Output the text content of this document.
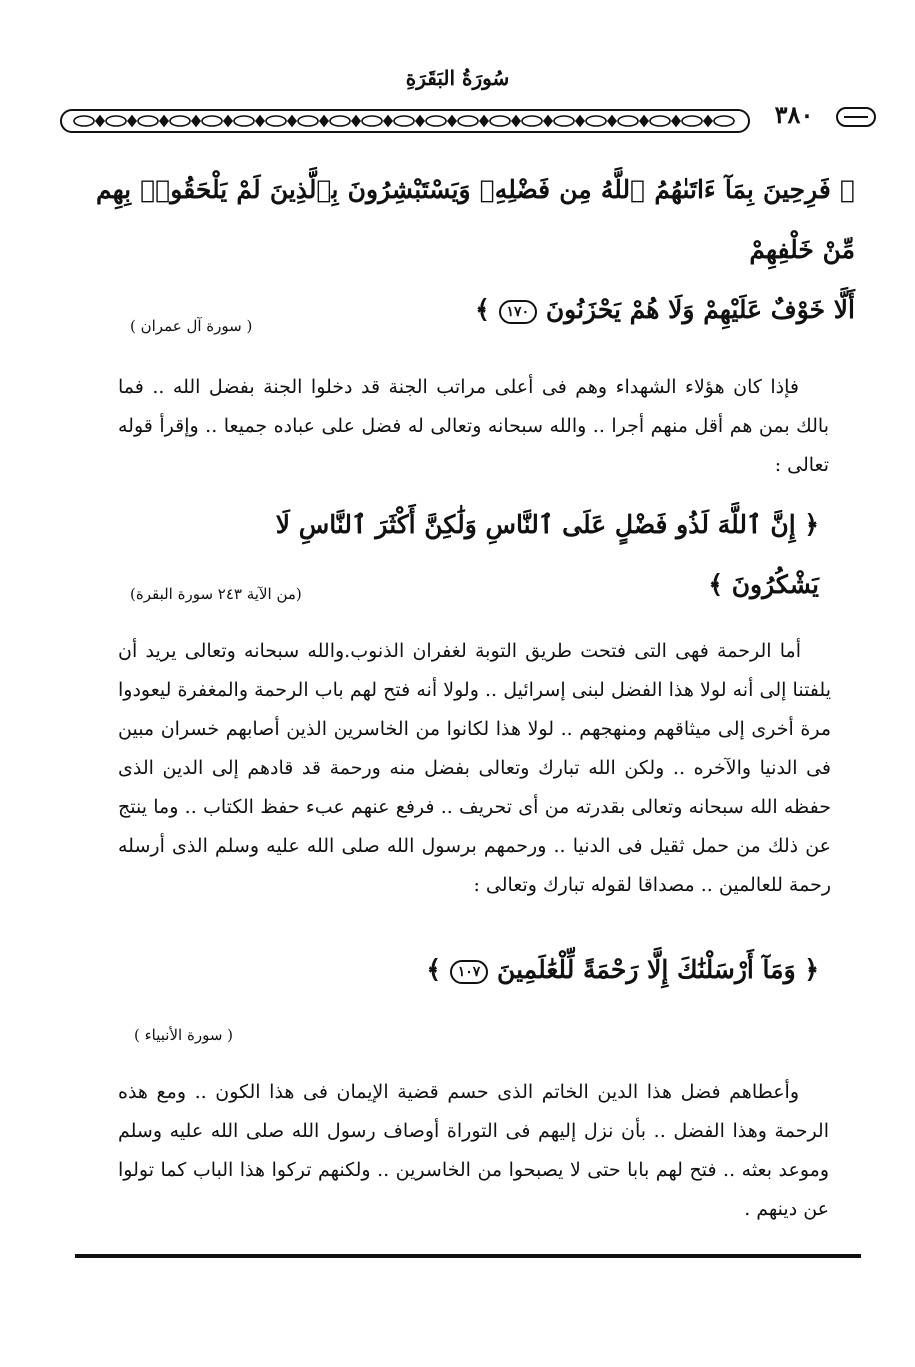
سُورَةُ البَقَرَةِ
٣٨٠
﴿ فَرِحِينَ بِمَآ ءَاتَىٰهُمُ ٱللَّهُ مِن فَضْلِهِۦ وَيَسْتَبْشِرُونَ بِٱلَّذِينَ لَمْ يَلْحَقُوا۟ بِهِم مِّنْ خَلْفِهِمْ
أَلَّا خَوْفٌ عَلَيْهِمْ وَلَا هُمْ يَحْزَنُونَ ١٧٠ ﴾
( سورة آل عمران )
فإذا كان هؤلاء الشهداء وهم فى أعلى مراتب الجنة قد دخلوا الجنة بفضل الله .. فما بالك بمن هم أقل منهم أجرا .. والله سبحانه وتعالى له فضل على عباده جميعا .. وإقرأ قوله تعالى :
﴿ إِنَّ ٱللَّهَ لَذُو فَضْلٍ عَلَى ٱلنَّاسِ وَلَٰكِنَّ أَكْثَرَ ٱلنَّاسِ لَا يَشْكُرُونَ ﴾
(من الآية ٢٤٣ سورة البقرة)
أما الرحمة فهى التى فتحت طريق التوبة لغفران الذنوب.والله سبحانه وتعالى يريد أن يلفتنا إلى أنه لولا هذا الفضل لبنى إسرائيل .. ولولا أنه فتح لهم باب الرحمة والمغفرة ليعودوا مرة أخرى إلى ميثاقهم ومنهجهم .. لولا هذا لكانوا من الخاسرين الذين أصابهم خسران مبين فى الدنيا والآخره .. ولكن الله تبارك وتعالى بفضل منه ورحمة قد قادهم إلى الدين الذى حفظه الله سبحانه وتعالى بقدرته من أى تحريف .. فرفع عنهم عبء حفظ الكتاب .. وما ينتج عن ذلك من حمل ثقيل فى الدنيا .. ورحمهم برسول الله صلى الله عليه وسلم الذى أرسله رحمة للعالمين .. مصداقا لقوله تبارك وتعالى :
﴿ وَمَآ أَرْسَلْنَٰكَ إِلَّا رَحْمَةً لِّلْعَٰلَمِينَ ١٠٧ ﴾
( سورة الأنبياء )
وأعطاهم فضل هذا الدين الخاتم الذى حسم قضية الإيمان فى هذا الكون .. ومع هذه الرحمة وهذا الفضل .. بأن نزل إليهم فى التوراة أوصاف رسول الله صلى الله عليه وسلم وموعد بعثه .. فتح لهم بابا حتى لا يصبحوا من الخاسرين .. ولكنهم تركوا هذا الباب كما تولوا عن دينهم .
